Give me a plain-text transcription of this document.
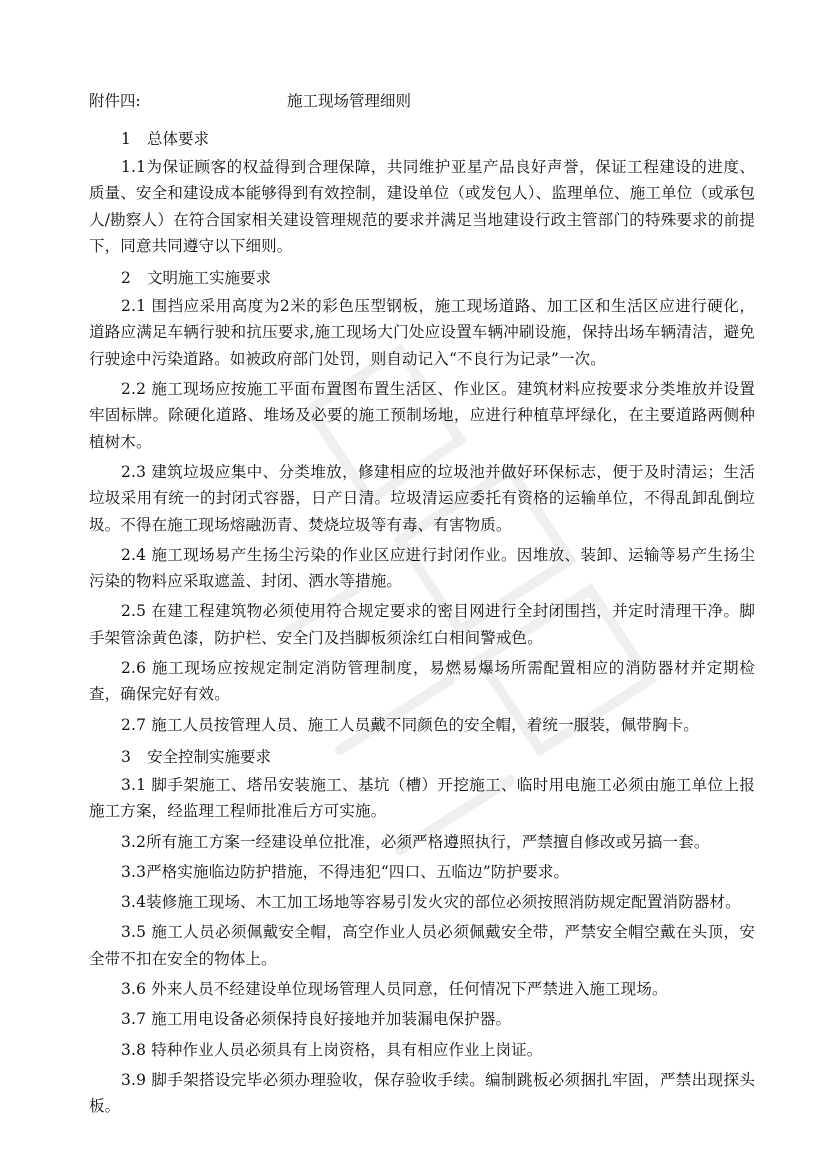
附件四:	施工现场管理细则

1 总体要求

1.1为保证顾客的权益得到合理保障，共同维护亚星产品良好声誉，保证工程建设的进度、质量、安全和建设成本能够得到有效控制，建设单位（或发包人）、监理单位、施工单位（或承包人/勘察人）在符合国家相关建设管理规范的要求并满足当地建设行政主管部门的特殊要求的前提下，同意共同遵守以下细则。

2 文明施工实施要求

2.1 围挡应采用高度为2米的彩色压型钢板，施工现场道路、加工区和生活区应进行硬化，道路应满足车辆行驶和抗压要求,施工现场大门处应设置车辆冲刷设施，保持出场车辆清洁，避免行驶途中污染道路。如被政府部门处罚，则自动记入“不良行为记录”一次。

2.2 施工现场应按施工平面布置图布置生活区、作业区。建筑材料应按要求分类堆放并设置牢固标牌。除硬化道路、堆场及必要的施工预制场地，应进行种植草坪绿化，在主要道路两侧种植树木。

2.3 建筑垃圾应集中、分类堆放，修建相应的垃圾池并做好环保标志，便于及时清运；生活垃圾采用有统一的封闭式容器，日产日清。垃圾清运应委托有资格的运输单位，不得乱卸乱倒垃圾。不得在施工现场熔融沥青、焚烧垃圾等有毒、有害物质。

2.4 施工现场易产生扬尘污染的作业区应进行封闭作业。因堆放、装卸、运输等易产生扬尘污染的物料应采取遮盖、封闭、洒水等措施。

2.5 在建工程建筑物必须使用符合规定要求的密目网进行全封闭围挡，并定时清理干净。脚手架管涂黄色漆，防护栏、安全门及挡脚板须涂红白相间警戒色。

2.6 施工现场应按规定制定消防管理制度，易燃易爆场所需配置相应的消防器材并定期检查，确保完好有效。

2.7 施工人员按管理人员、施工人员戴不同颜色的安全帽，着统一服装，佩带胸卡。

3 安全控制实施要求

3.1 脚手架施工、塔吊安装施工、基坑（槽）开挖施工、临时用电施工必须由施工单位上报施工方案，经监理工程师批准后方可实施。

3.2所有施工方案一经建设单位批准，必须严格遵照执行，严禁擅自修改或另搞一套。

3.3严格实施临边防护措施，不得违犯“四口、五临边”防护要求。

3.4装修施工现场、木工加工场地等容易引发火灾的部位必须按照消防规定配置消防器材。

3.5 施工人员必须佩戴安全帽，高空作业人员必须佩戴安全带，严禁安全帽空戴在头顶，安全带不扣在安全的物体上。

3.6 外来人员不经建设单位现场管理人员同意，任何情况下严禁进入施工现场。

3.7 施工用电设备必须保持良好接地并加装漏电保护器。

3.8 特种作业人员必须具有上岗资格，具有相应作业上岗证。

3.9 脚手架搭设完毕必须办理验收，保存验收手续。编制跳板必须捆扎牢固，严禁出现探头板。
